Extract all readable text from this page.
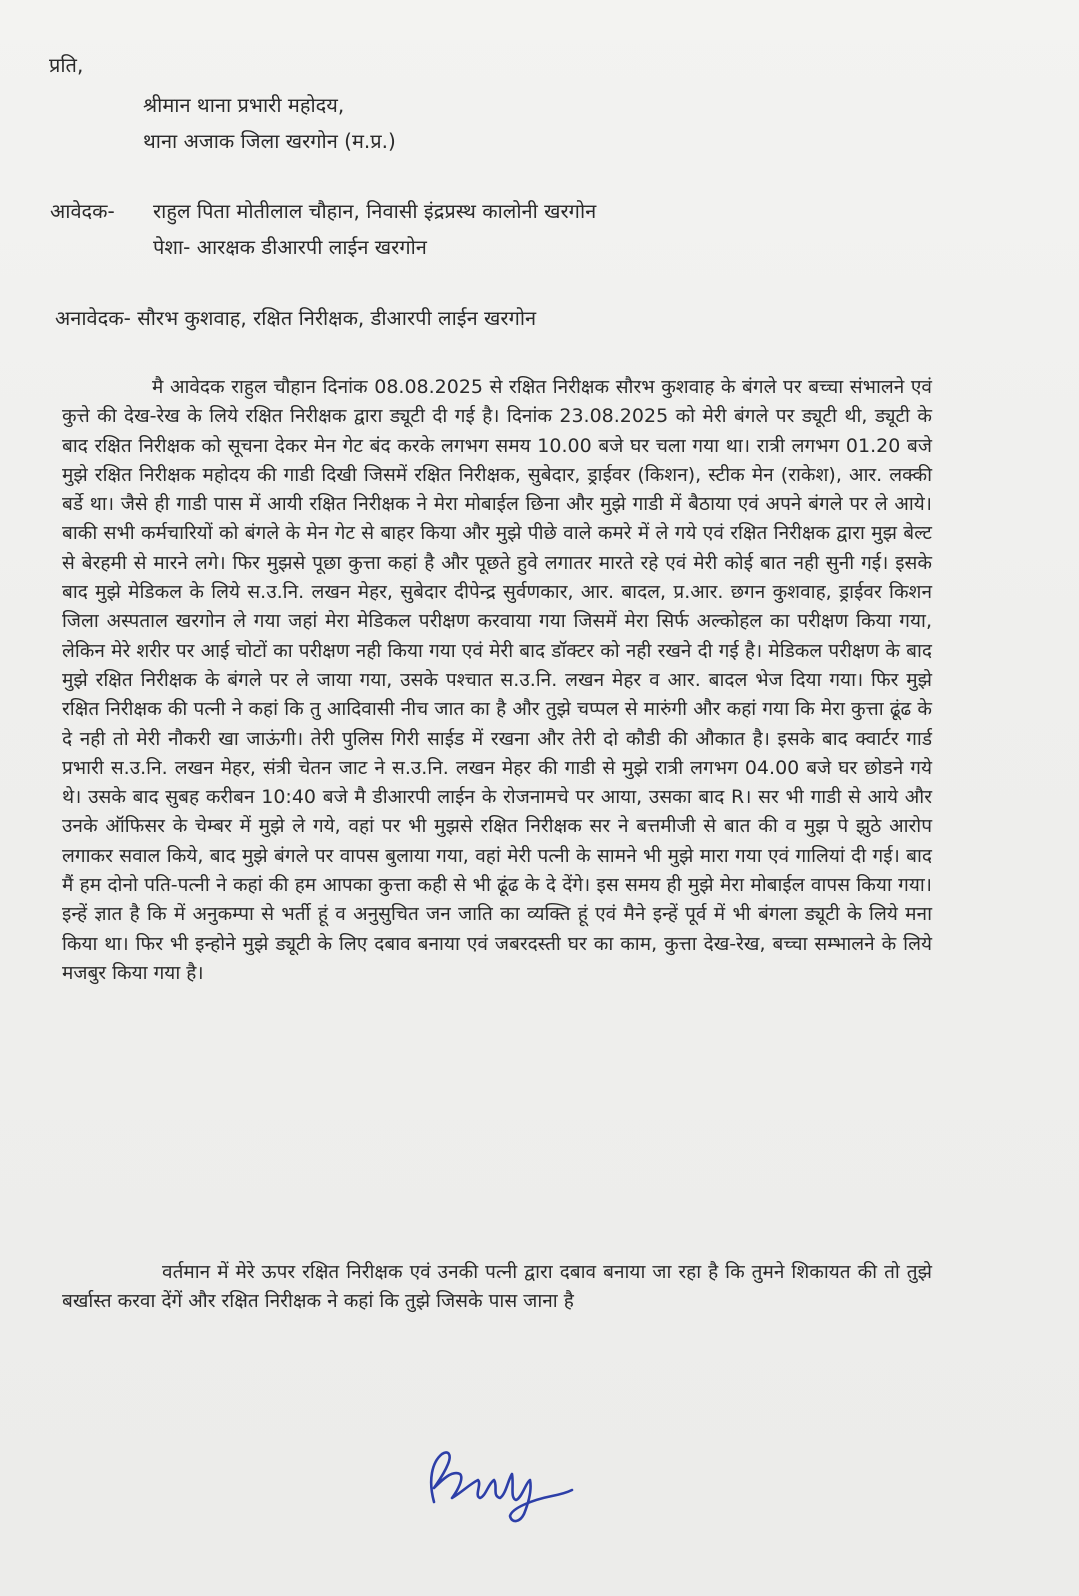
प्रति,
श्रीमान थाना प्रभारी महोदय,
थाना अजाक जिला खरगोन (म.प्र.)
आवेदक- राहुल पिता मोतीलाल चौहान, निवासी इंद्रप्रस्थ कालोनी खरगोन
पेशा- आरक्षक डीआरपी लाईन खरगोन
अनावेदक- सौरभ कुशवाह, रक्षित निरीक्षक, डीआरपी लाईन खरगोन
मै आवेदक राहुल चौहान दिनांक 08.08.2025 से रक्षित निरीक्षक सौरभ कुशवाह के बंगले पर बच्चा संभालने एवं कुत्ते की देख-रेख के लिये रक्षित निरीक्षक द्वारा ड्यूटी दी गई है। दिनांक 23.08.2025 को मेरी बंगले पर ड्यूटी थी, ड्यूटी के बाद रक्षित निरीक्षक को सूचना देकर मेन गेट बंद करके लगभग समय 10.00 बजे घर चला गया था। रात्री लगभग 01.20 बजे मुझे रक्षित निरीक्षक महोदय की गाडी दिखी जिसमें रक्षित निरीक्षक, सुबेदार, ड्राईवर (किशन), स्टीक मेन (राकेश), आर. लक्की बर्डे था। जैसे ही गाडी पास में आयी रक्षित निरीक्षक ने मेरा मोबाईल छिना और मुझे गाडी में बैठाया एवं अपने बंगले पर ले आये। बाकी सभी कर्मचारियों को बंगले के मेन गेट से बाहर किया और मुझे पीछे वाले कमरे में ले गये एवं रक्षित निरीक्षक द्वारा मुझ बेल्ट से बेरहमी से मारने लगे। फिर मुझसे पूछा कुत्ता कहां है और पूछते हुवे लगातर मारते रहे एवं मेरी कोई बात नही सुनी गई। इसके बाद मुझे मेडिकल के लिये स.उ.नि. लखन मेहर, सुबेदार दीपेन्द्र सुर्वणकार, आर. बादल, प्र.आर. छगन कुशवाह, ड्राईवर किशन जिला अस्पताल खरगोन ले गया जहां मेरा मेडिकल परीक्षण करवाया गया जिसमें मेरा सिर्फ अल्कोहल का परीक्षण किया गया, लेकिन मेरे शरीर पर आई चोटों का परीक्षण नही किया गया एवं मेरी बाद डॉक्टर को नही रखने दी गई है। मेडिकल परीक्षण के बाद मुझे रक्षित निरीक्षक के बंगले पर ले जाया गया, उसके पश्चात स.उ.नि. लखन मेहर व आर. बादल भेज दिया गया। फिर मुझे रक्षित निरीक्षक की पत्नी ने कहां कि तु आदिवासी नीच जात का है और तुझे चप्पल से मारुंगी और कहां गया कि मेरा कुत्ता ढूंढ के दे नही तो मेरी नौकरी खा जाऊंगी। तेरी पुलिस गिरी साईड में रखना और तेरी दो कौडी की औकात है। इसके बाद क्वार्टर गार्ड प्रभारी स.उ.नि. लखन मेहर, संत्री चेतन जाट ने स.उ.नि. लखन मेहर की गाडी से मुझे रात्री लगभग 04.00 बजे घर छोडने गये थे। उसके बाद सुबह करीबन 10:40 बजे मै डीआरपी लाईन के रोजनामचे पर आया, उसका बाद R। सर भी गाडी से आये और उनके ऑफिसर के चेम्बर में मुझे ले गये, वहां पर भी मुझसे रक्षित निरीक्षक सर ने बत्तमीजी से बात की व मुझ पे झुठे आरोप लगाकर सवाल किये, बाद मुझे बंगले पर वापस बुलाया गया, वहां मेरी पत्नी के सामने भी मुझे मारा गया एवं गालियां दी गई। बाद मैं हम दोनो पति-पत्नी ने कहां की हम आपका कुत्ता कही से भी ढूंढ के दे देंगे। इस समय ही मुझे मेरा मोबाईल वापस किया गया। इन्हें ज्ञात है कि में अनुकम्पा से भर्ती हूं व अनुसुचित जन जाति का व्यक्ति हूं एवं मैने इन्हें पूर्व में भी बंगला ड्यूटी के लिये मना किया था। फिर भी इन्होने मुझे ड्यूटी के लिए दबाव बनाया एवं जबरदस्ती घर का काम, कुत्ता देख-रेख, बच्चा सम्भालने के लिये मजबुर किया गया है।
वर्तमान में मेरे ऊपर रक्षित निरीक्षक एवं उनकी पत्नी द्वारा दबाव बनाया जा रहा है कि तुमने शिकायत की तो तुझे बर्खास्त करवा देंगें और रक्षित निरीक्षक ने कहां कि तुझे जिसके पास जाना है
